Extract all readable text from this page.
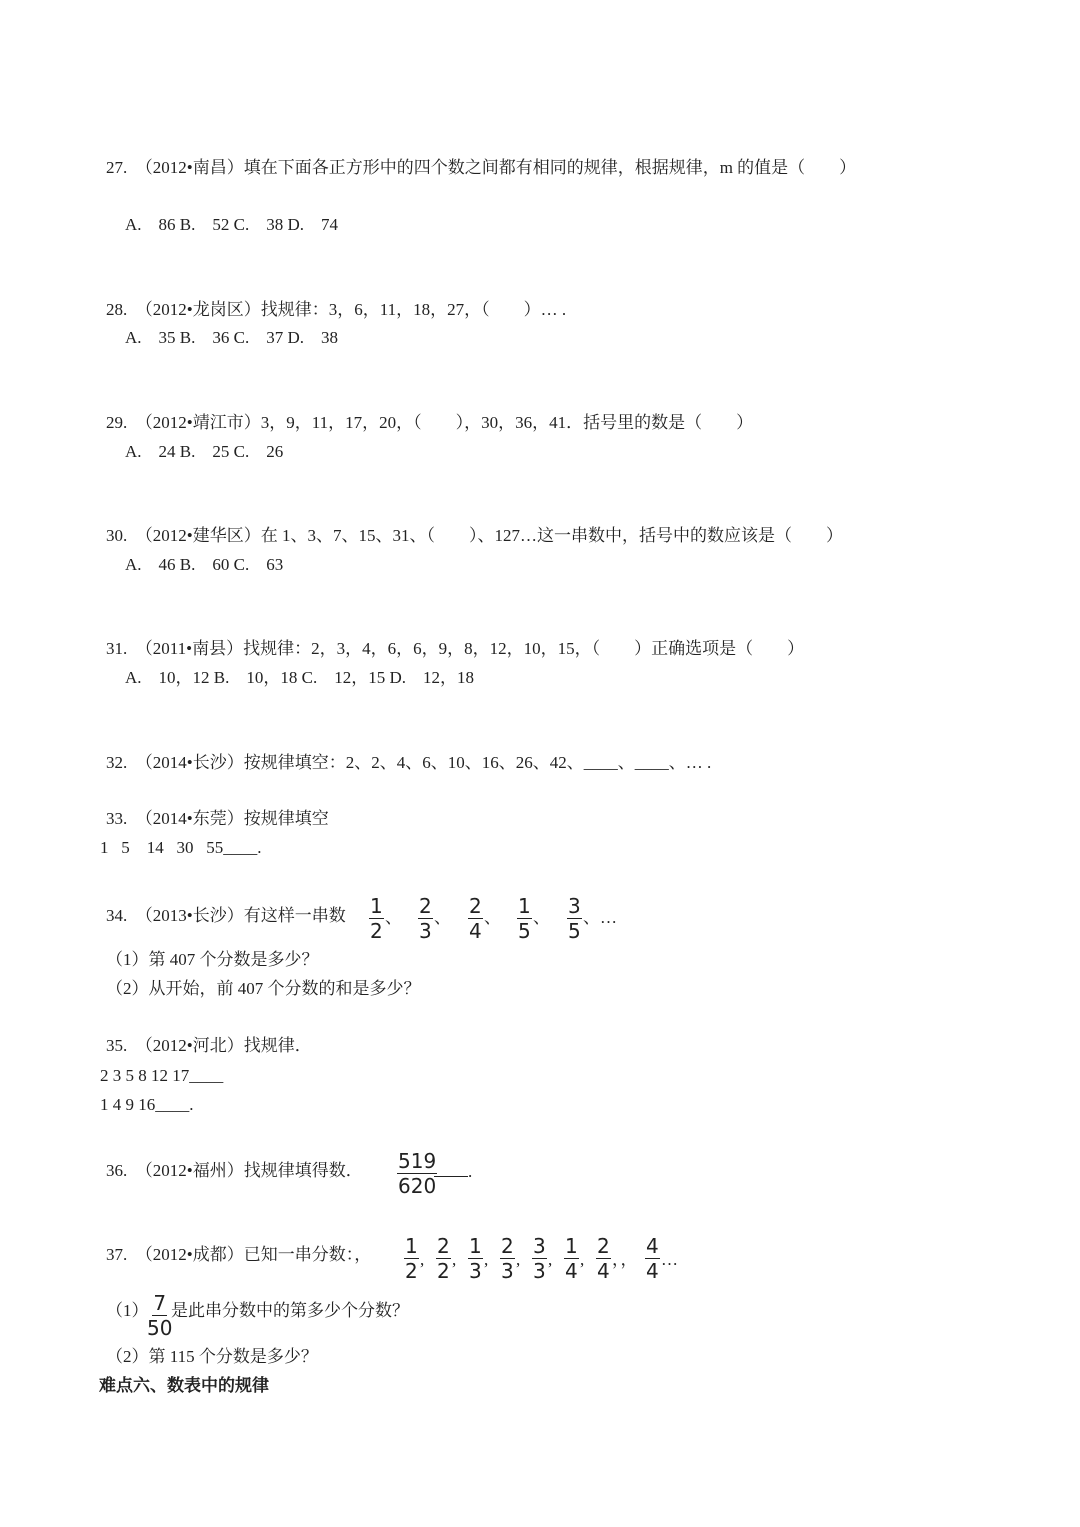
27.  （2012•南昌）填在下面各正方形中的四个数之间都有相同的规律，根据规律，m 的值是（        ）
A.    86 B.    52 C.    38 D.    74
28.  （2012•龙岗区）找规律：3，6，11，18，27，（        ）… .
A.    35 B.    36 C.    37 D.    38
29.  （2012•靖江市）3，9，11，17，20，（        ），30，36，41．括号里的数是（        ）
A.    24 B.    25 C.    26
30.  （2012•建华区）在 1、3、7、15、31、（        ）、127…这一串数中，括号中的数应该是（        ）
A.    46 B.    60 C.    63
31.  （2011•南县）找规律：2，3，4，6，6，9，8，12，10，15，（        ）正确选项是（        ）
A.    10，12 B.    10，18 C.    12，15 D.    12，18
32.  （2014•长沙）按规律填空：2、2、4、6、10、16、26、42、____、____、… .
33.  （2014•东莞）按规律填空
1   5    14   30   55____.
34.  （2013•长沙）有这样一串数 $\frac{1}{2}$ 、 $\frac{2}{3}$ 、 $\frac{2}{4}$ 、 $\frac{1}{5}$ 、 $\frac{3}{5}$ 、…
（1）第 407 个分数是多少？
（2）从开始，前 407 个分数的和是多少？
35.  （2012•河北）找规律．
2 3 5 8 12 17____
1 4 9 16____.
36.  （2012•福州）找规律填得数． $\frac{519}{620}$ .
37.  （2012•成都）已知一串分数：， $\frac{1}{2}$ , $\frac{2}{2}$ , $\frac{1}{3}$ , $\frac{2}{3}$ , $\frac{3}{3}$ , $\frac{1}{4}$ , $\frac{2}{4}$ ，， $\frac{4}{4}$ …
（1）
$\frac{7}{50}$
是此串分数中的第多少个分数？
（2）第 115 个分数是多少？
难点六、数表中的规律
